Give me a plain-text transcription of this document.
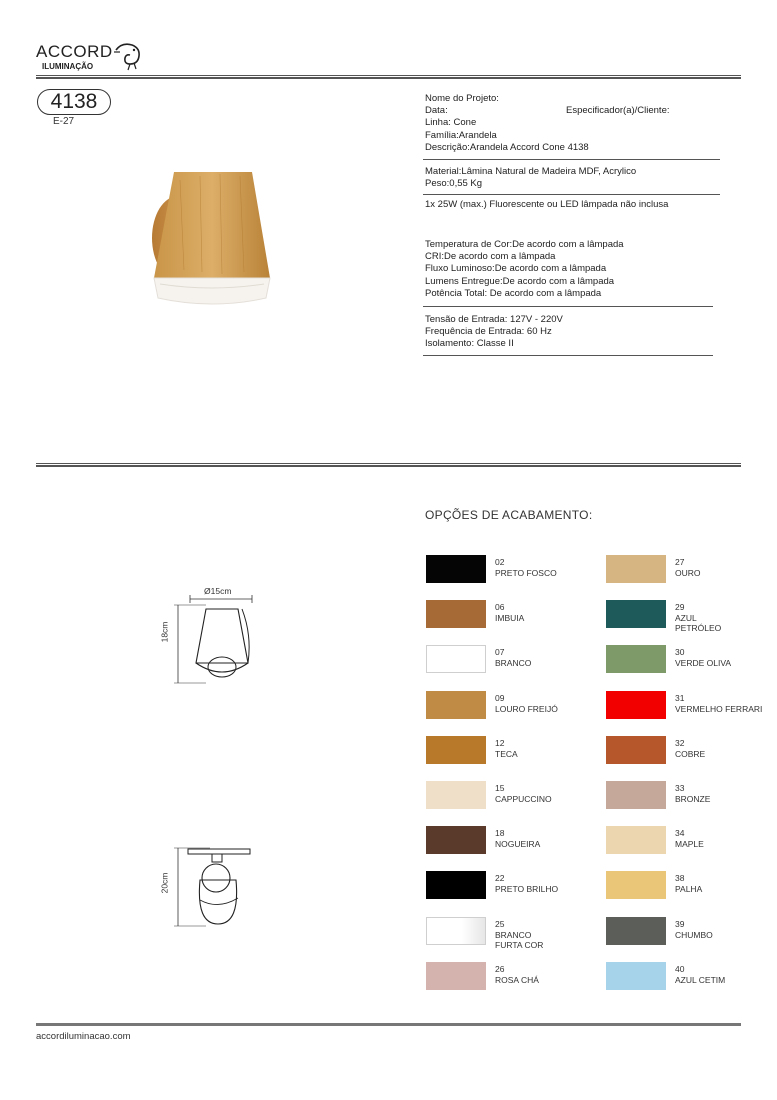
ACCORD
ILUMINAÇÃO
4138
E-27
Nome do Projeto:
Data:
Linha: Cone
Família:Arandela
Descrição:Arandela Accord Cone 4138
Especificador(a)/Cliente:
Material:Lâmina Natural de Madeira MDF, Acrylico
Peso:0,55 Kg
1x 25W (max.) Fluorescente ou LED lâmpada não inclusa
Temperatura de Cor:De acordo com a lâmpada
CRI:De acordo com a lâmpada
Fluxo Luminoso:De acordo com a lâmpada
Lumens Entregue:De acordo com a lâmpada
Potência Total: De acordo com a lâmpada
Tensão de Entrada: 127V - 220V
Frequência de Entrada: 60 Hz
Isolamento: Classe II
Ø15cm
18cm
20cm
OPÇÕES DE ACABAMENTO:
02
PRETO FOSCO
06
IMBUIA
07
BRANCO
09
LOURO FREIJÓ
12
TECA
15
CAPPUCCINO
18
NOGUEIRA
22
PRETO BRILHO
25
BRANCO
FURTA COR
26
ROSA CHÁ
27
OURO
29
AZUL
PETRÓLEO
30
VERDE OLIVA
31
VERMELHO FERRARI
32
COBRE
33
BRONZE
34
MAPLE
38
PALHA
39
CHUMBO
40
AZUL CETIM
accordiluminacao.com
